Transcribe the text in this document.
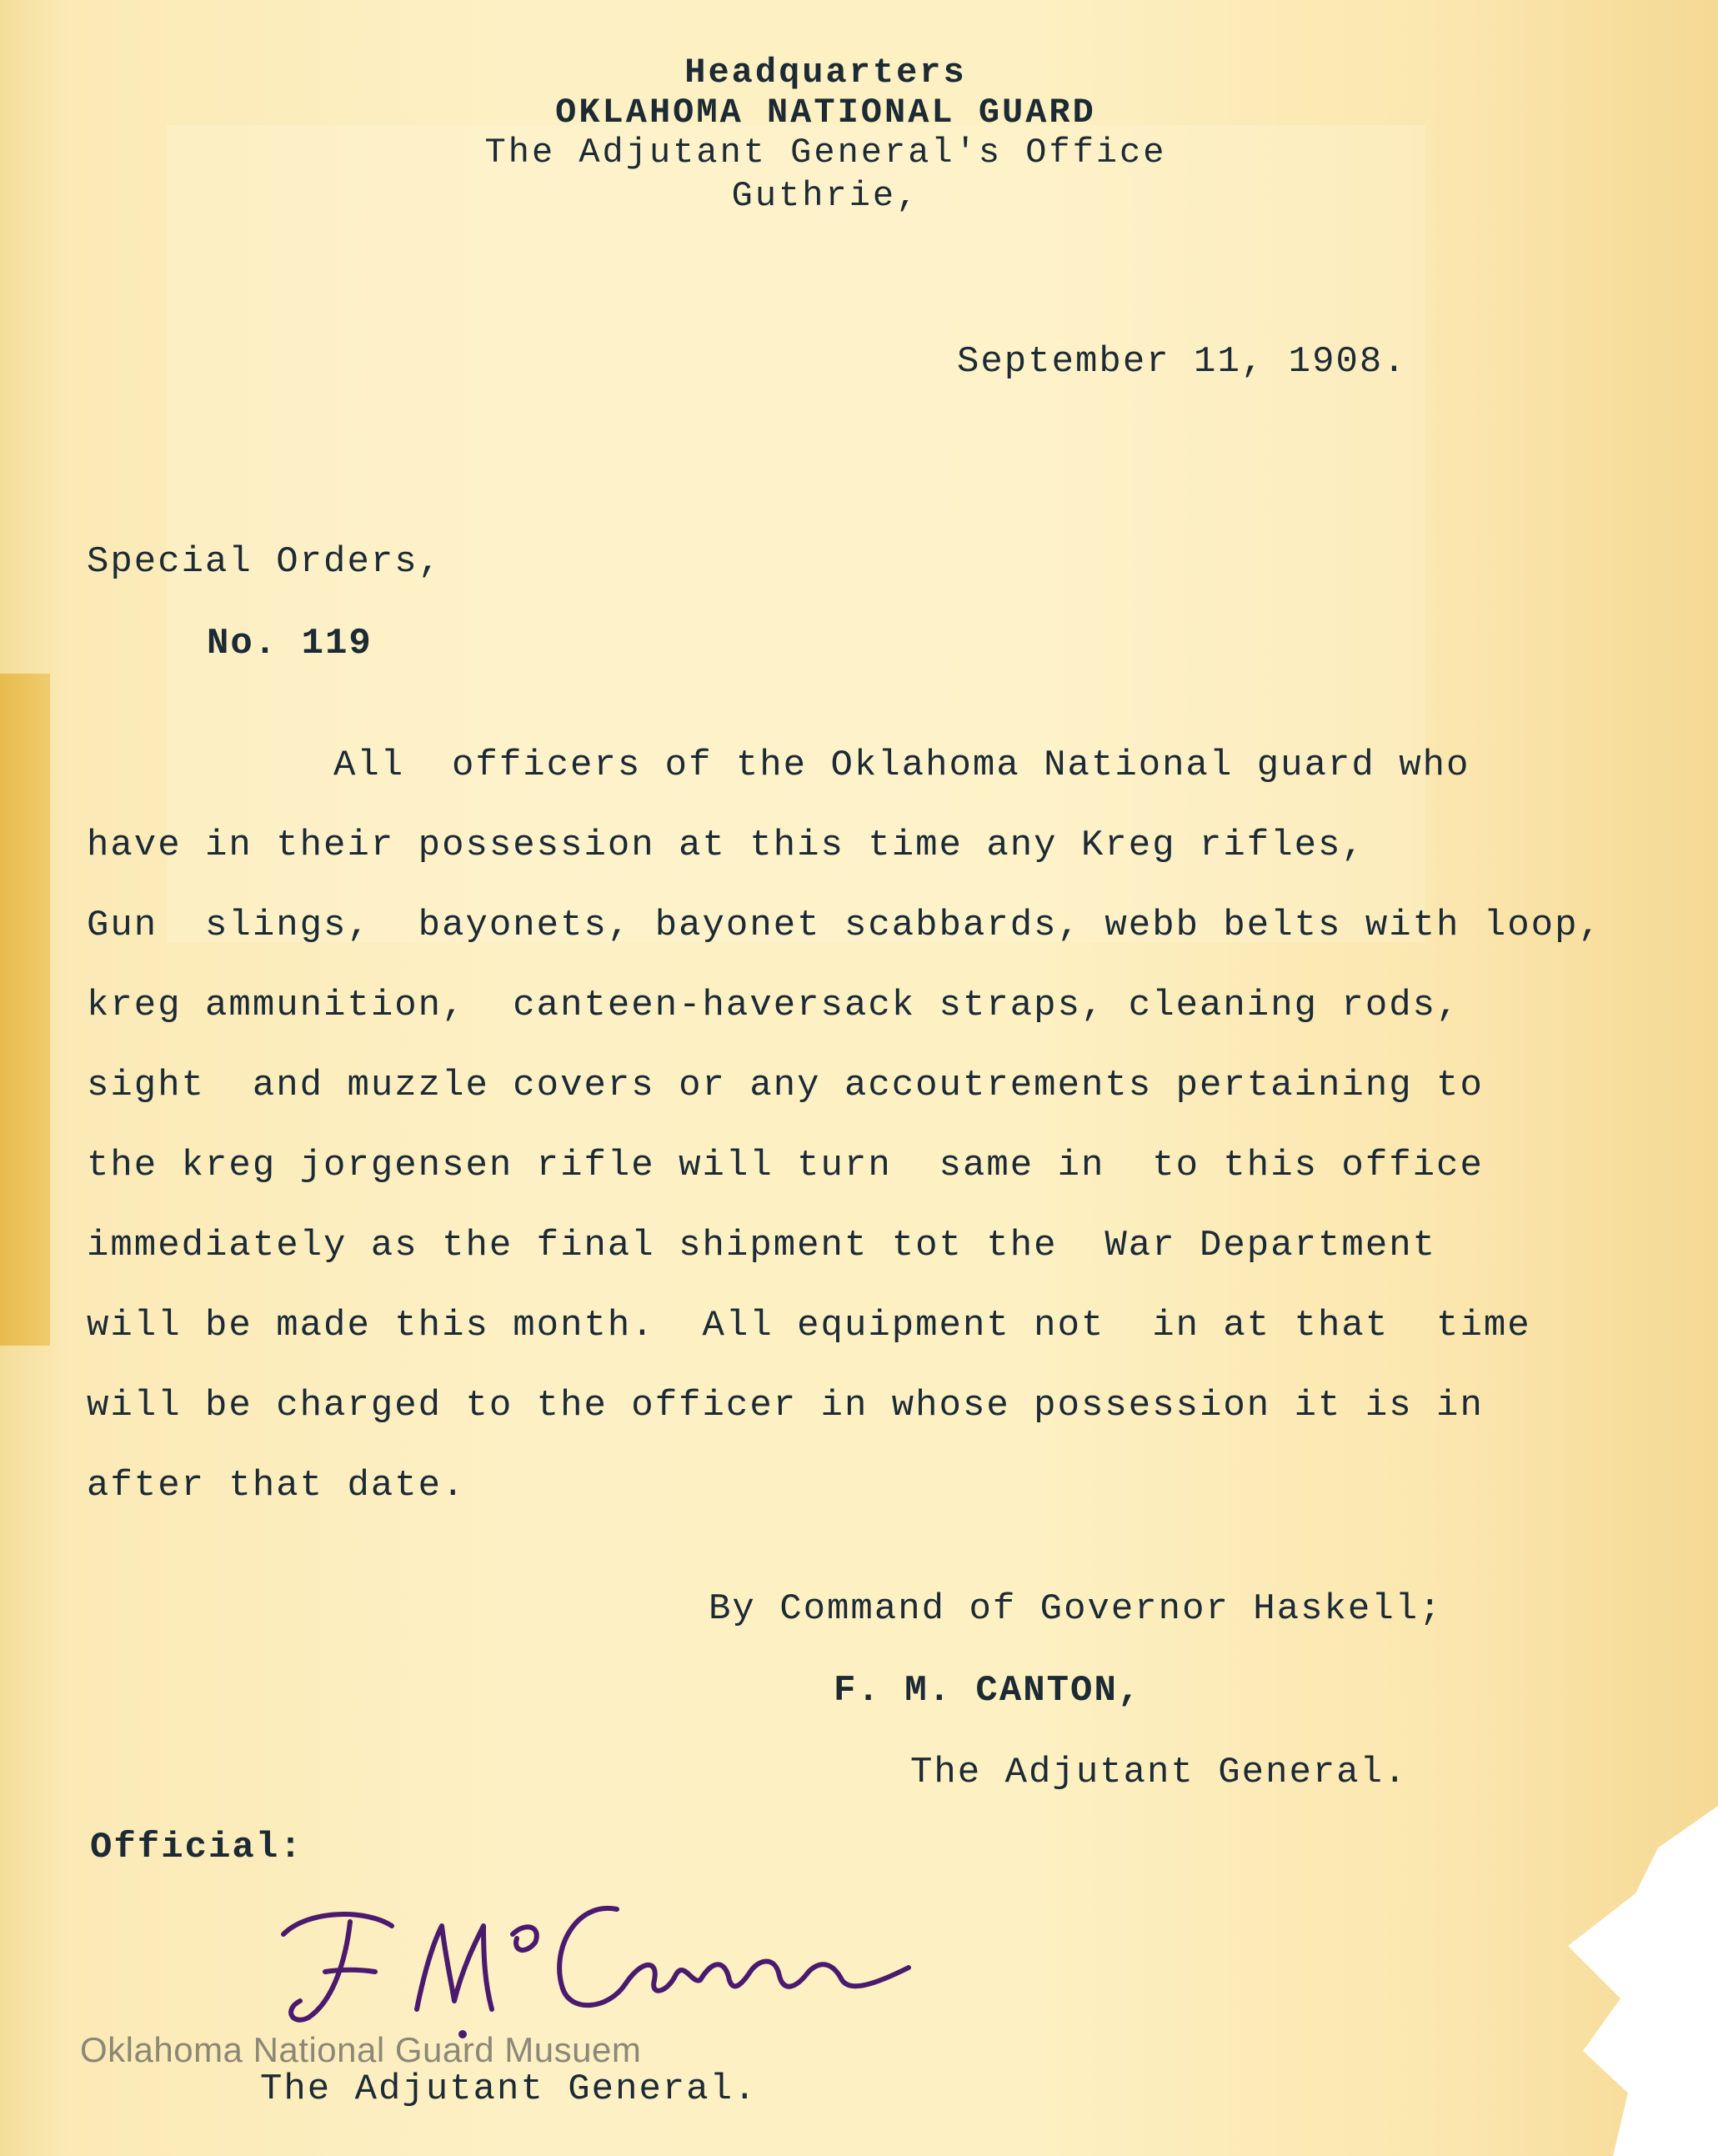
Headquarters
OKLAHOMA NATIONAL GUARD
The Adjutant General's Office
Guthrie,
September 11, 1908.
Special Orders,
No. 119
All  officers of the Oklahoma National guard who
have in their possession at this time any Kreg rifles,
Gun  slings,  bayonets, bayonet scabbards, webb belts with loop,
kreg ammunition,  canteen-haversack straps, cleaning rods,
sight  and muzzle covers or any accoutrements pertaining to
the kreg jorgensen rifle will turn  same in  to this office
immediately as the final shipment tot the  War Department
will be made this month.  All equipment not  in at that  time
will be charged to the officer in whose possession it is in
after that date.
By Command of Governor Haskell;
F. M. CANTON,
The Adjutant General.
Official:
Oklahoma National Guard Musuem
The Adjutant General.
